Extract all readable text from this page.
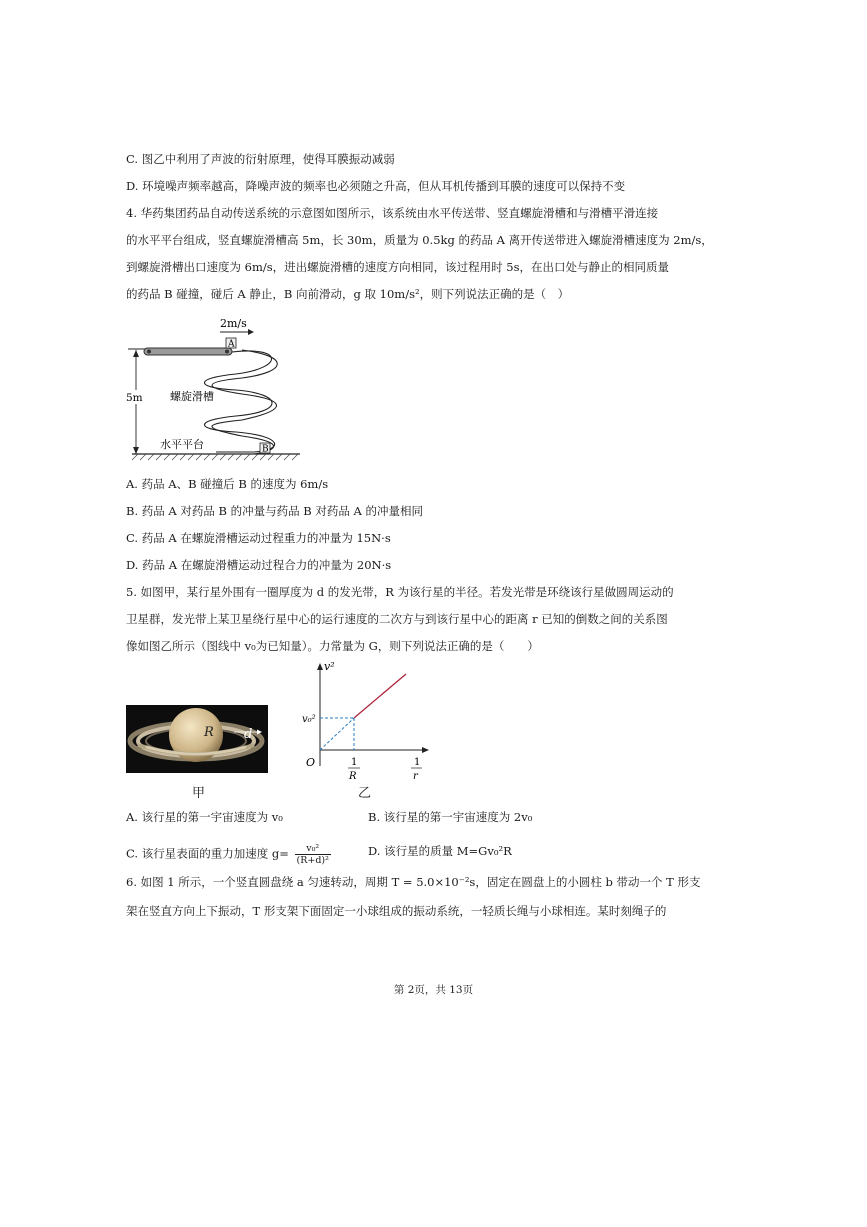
C. 图乙中利用了声波的衍射原理，使得耳膜振动减弱
D. 环境噪声频率越高，降噪声波的频率也必须随之升高，但从耳机传播到耳膜的速度可以保持不变
4. 华药集团药品自动传送系统的示意图如图所示，该系统由水平传送带、竖直螺旋滑槽和与滑槽平滑连接
的水平平台组成，竖直螺旋滑槽高 5m，长 30m，质量为 0.5kg 的药品 A 离开传送带进入螺旋滑槽速度为 2m/s，
到螺旋滑槽出口速度为 6m/s，进出螺旋滑槽的速度方向相同，该过程用时 5s，在出口处与静止的相同质量
的药品 B 碰撞，碰后 A 静止，B 向前滑动，g 取 10m/s²，则下列说法正确的是（　）
2m/s
A
螺旋滑槽
5m
水平平台	B
A. 药品 A、B 碰撞后 B 的速度为 6m/s
B. 药品 A 对药品 B 的冲量与药品 B 对药品 A 的冲量相同
C. 药品 A 在螺旋滑槽运动过程重力的冲量为 15N·s
D. 药品 A 在螺旋滑槽运动过程合力的冲量为 20N·s
5. 如图甲，某行星外围有一圈厚度为 d 的发光带，R 为该行星的半径。若发光带是环绕该行星做圆周运动的
卫星群，发光带上某卫星绕行星中心的运行速度的二次方与到该行星中心的距离 r 已知的倒数之间的关系图
像如图乙所示（图线中 v₀为已知量）。力常量为 G，则下列说法正确的是（　　）
R d
甲
v²
v₀²
O	1
R
1
r
乙
A. 该行星的第一宇宙速度为 v₀	B. 该行星的第一宇宙速度为 2v₀
C. 该行星表面的重力加速度 $g= \frac{\text{v₀²}}{\text{(R+d)²}}$	D. 该行星的质量 M=Gv₀²R
6. 如图 1 所示，一个竖直圆盘绕 a 匀速转动，周期 T = 5.0×10⁻²s，固定在圆盘上的小圆柱 b 带动一个 T 形支
架在竖直方向上下振动，T 形支架下面固定一小球组成的振动系统，一轻质长绳与小球相连。某时刻绳子的
第 2页，共 13页
